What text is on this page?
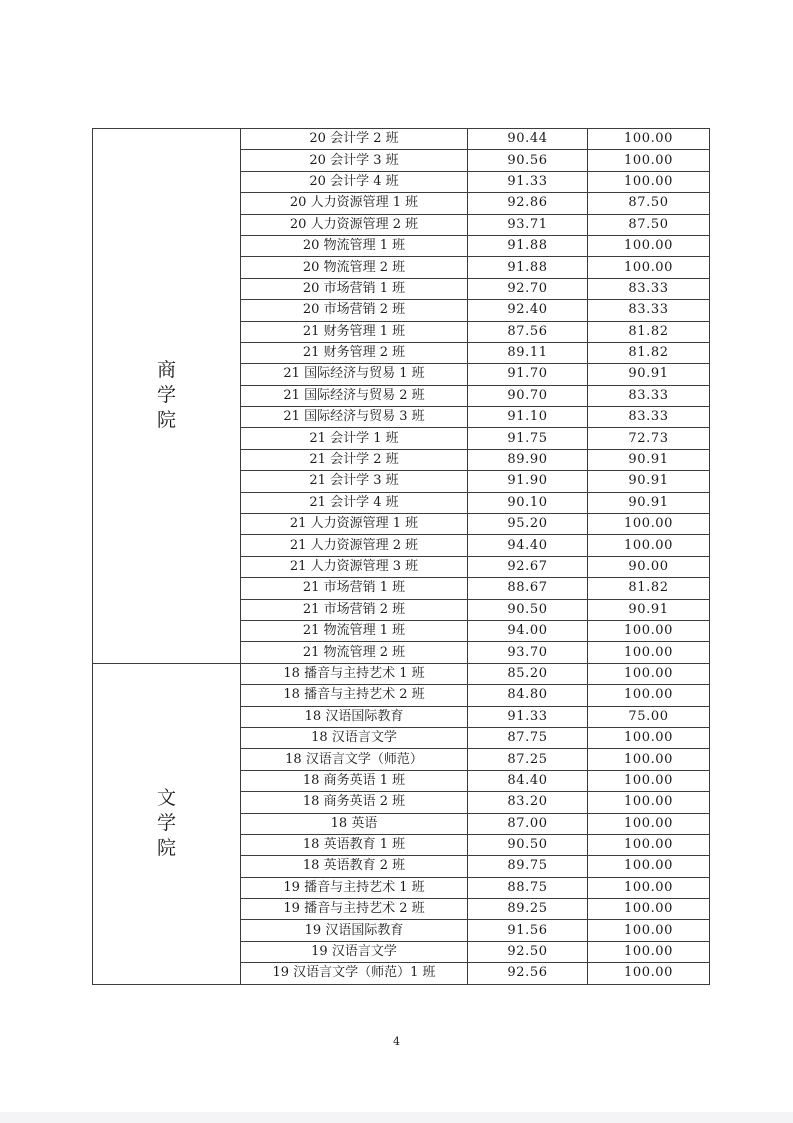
商学院	20 会计学 2 班	90.44	100.00
	20 会计学 3 班	90.56	100.00
	20 会计学 4 班	91.33	100.00
	20 人力资源管理 1 班	92.86	87.50
	20 人力资源管理 2 班	93.71	87.50
	20 物流管理 1 班	91.88	100.00
	20 物流管理 2 班	91.88	100.00
	20 市场营销 1 班	92.70	83.33
	20 市场营销 2 班	92.40	83.33
	21 财务管理 1 班	87.56	81.82
	21 财务管理 2 班	89.11	81.82
	21 国际经济与贸易 1 班	91.70	90.91
	21 国际经济与贸易 2 班	90.70	83.33
	21 国际经济与贸易 3 班	91.10	83.33
	21 会计学 1 班	91.75	72.73
	21 会计学 2 班	89.90	90.91
	21 会计学 3 班	91.90	90.91
	21 会计学 4 班	90.10	90.91
	21 人力资源管理 1 班	95.20	100.00
	21 人力资源管理 2 班	94.40	100.00
	21 人力资源管理 3 班	92.67	90.00
	21 市场营销 1 班	88.67	81.82
	21 市场营销 2 班	90.50	90.91
	21 物流管理 1 班	94.00	100.00
	21 物流管理 2 班	93.70	100.00
文学院	18 播音与主持艺术 1 班	85.20	100.00
	18 播音与主持艺术 2 班	84.80	100.00
	18 汉语国际教育	91.33	75.00
	18 汉语言文学	87.75	100.00
	18 汉语言文学（师范）	87.25	100.00
	18 商务英语 1 班	84.40	100.00
	18 商务英语 2 班	83.20	100.00
	18 英语	87.00	100.00
	18 英语教育 1 班	90.50	100.00
	18 英语教育 2 班	89.75	100.00
	19 播音与主持艺术 1 班	88.75	100.00
	19 播音与主持艺术 2 班	89.25	100.00
	19 汉语国际教育	91.56	100.00
	19 汉语言文学	92.50	100.00
	19 汉语言文学（师范）1 班	92.56	100.00
4
